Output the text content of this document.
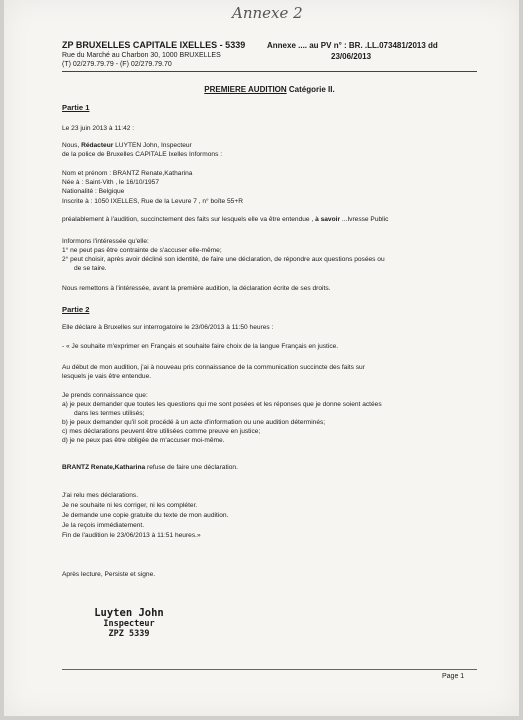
Annexe 2
ZP BRUXELLES CAPITALE IXELLES - 5339
Rue du Marché au Charbon 30, 1000 BRUXELLES
(T) 02/279.79.79 - (F) 02/279.79.70
Annexe .... au PV n° : BR. .LL.073481/2013 dd
23/06/2013
PREMIERE AUDITION Catégorie II.
Partie 1
Le 23 juin 2013 à 11:42 :
Nous, Rédacteur LUYTEN John, Inspecteur
de la police de Bruxelles CAPITALE Ixelles Informons :
Nom et prénom : BRANTZ Renate,Katharina
Née à : Saint-Vith , le 16/10/1957
Nationalité : Belgique
Inscrite à : 1050 IXELLES, Rue de la Levure 7 , n° boîte 55+R
préalablement à l'audition, succinctement des faits sur lesquels elle va être entendue , à savoir ...Ivresse Public
Informons l'intéressée qu'elle:
1° ne peut pas être contrainte de s'accuser elle-même;
2° peut choisir, après avoir décliné son identité, de faire une déclaration, de répondre aux questions posées ou
de se taire.
Nous remettons à l'intéressée, avant la première audition, la déclaration écrite de ses droits.
Partie 2
Elle déclare à Bruxelles sur interrogatoire le 23/06/2013 à 11:50 heures :
- « Je souhaite m'exprimer en Français et souhaite faire choix de la langue Français en justice.
Au début de mon audition, j'ai à nouveau pris connaissance de la communication succincte des faits sur
lesquels je vais être entendue.
Je prends connaissance que:
a) je peux demander que toutes les questions qui me sont posées et les réponses que je donne soient actées
dans les termes utilisés;
b) je peux demander qu'il soit procédé à un acte d'information ou une audition déterminés;
c) mes déclarations peuvent être utilisées comme preuve en justice;
d) je ne peux pas être obligée de m'accuser moi-même.
BRANTZ Renate,Katharina refuse de faire une déclaration.
J'ai relu mes déclarations.
Je ne souhaite ni les corriger, ni les compléter.
Je demande une copie gratuite du texte de mon audition.
Je la reçois immédiatement.
Fin de l'audition le 23/06/2013 à 11:51 heures.»
Après lecture, Persiste et signe.
Luyten John
Inspecteur
ZPZ 5339
Page 1
